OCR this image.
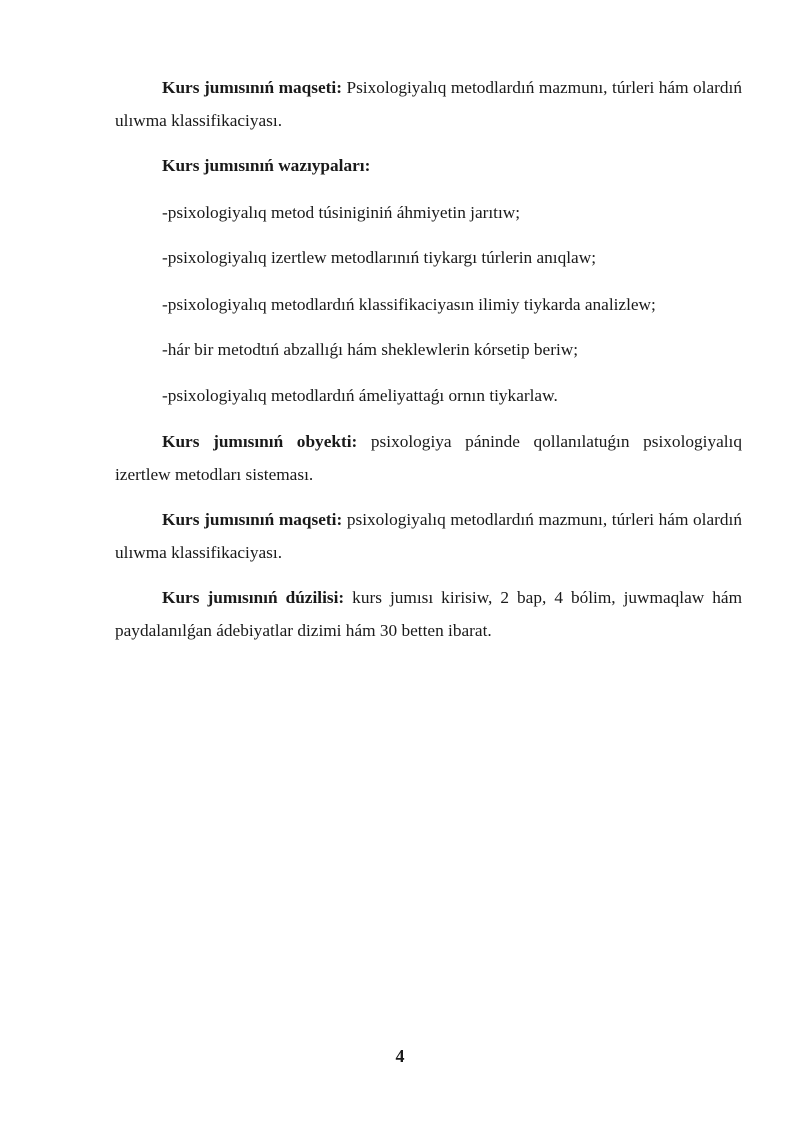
Kurs jumısınıń maqseti: Psixologiyalıq metodlardıń mazmunı, túrleri hám olardıń ulıwma klassifikaciyası.

Kurs jumısınıń wazıypaları:

-psixologiyalıq metod túsiniginiń áhmiyetin jarıtıw;

-psixologiyalıq izertlew metodlarınıń tiykargı túrlerin anıqlaw;

-psixologiyalıq metodlardıń klassifikaciyasın ilimiy tiykarda analizlew;

-hár bir metodtıń abzallıǵı hám sheklewlerin kórsetip beriw;

-psixologiyalıq metodlardıń ámeliyattaǵı ornın tiykarlaw.

Kurs jumısınıń obyekti: psixologiya páninde qollanılatuǵın psixologiyalıq izertlew metodları sisteması.

Kurs jumısınıń maqseti: psixologiyalıq metodlardıń mazmunı, túrleri hám olardıń ulıwma klassifikaciyası.

Kurs jumısınıń dúzilisi: kurs jumısı kirisiw, 2 bap, 4 bólim, juwmaqlaw hám paydalanılǵan ádebiyatlar dizimi hám 30 betten ibarat.

4
